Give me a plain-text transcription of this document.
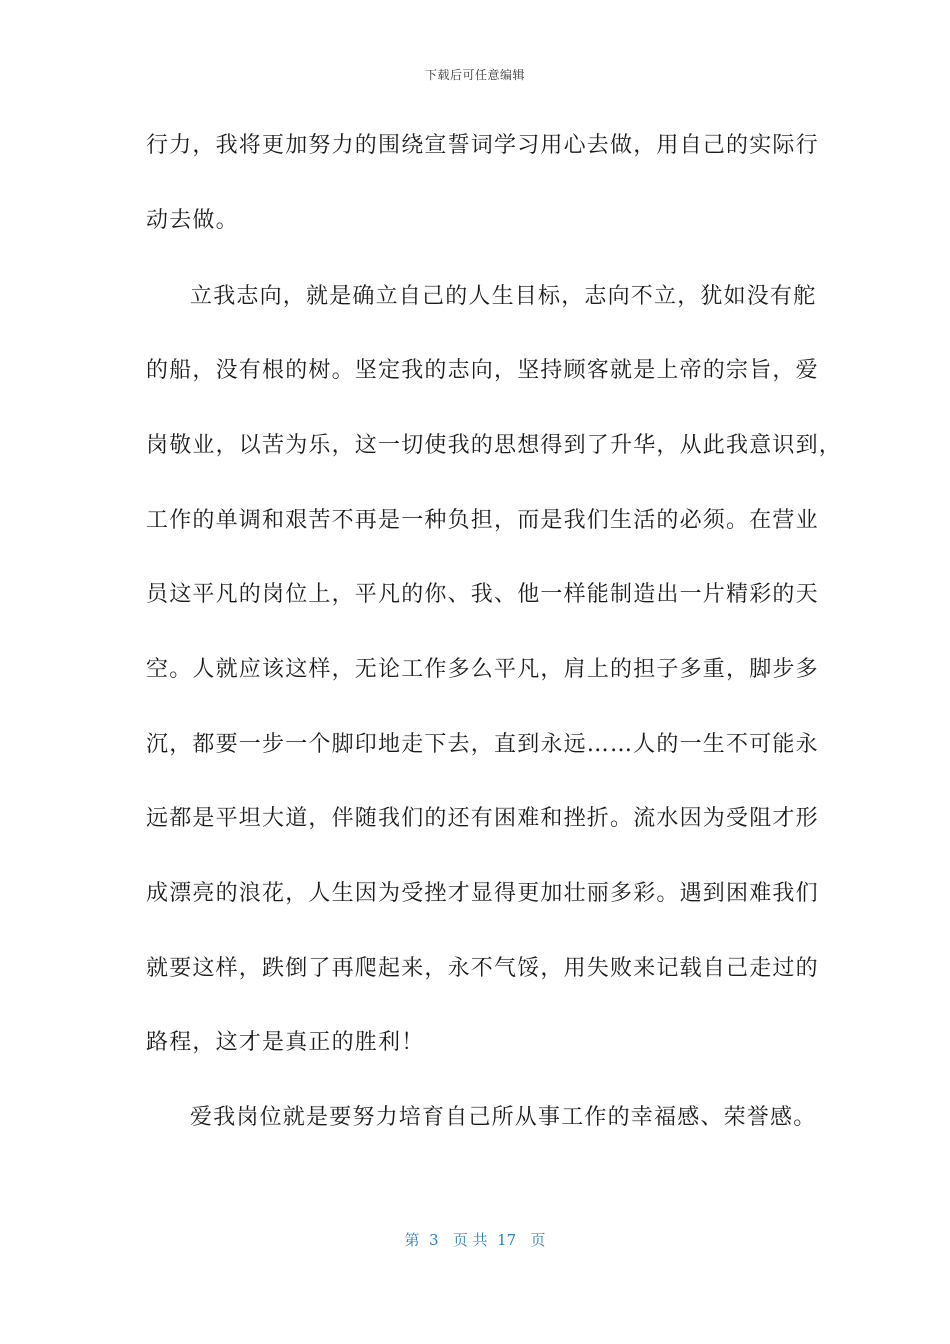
下载后可任意编辑
行力，我将更加努力的围绕宣誓词学习用心去做，用自己的实际行
动去做。
立我志向，就是确立自己的人生目标，志向不立，犹如没有舵
的船，没有根的树。坚定我的志向，坚持顾客就是上帝的宗旨，爱
岗敬业，以苦为乐，这一切使我的思想得到了升华，从此我意识到，
工作的单调和艰苦不再是一种负担，而是我们生活的必须。在营业
员这平凡的岗位上，平凡的你、我、他一样能制造出一片精彩的天
空。人就应该这样，无论工作多么平凡，肩上的担子多重，脚步多
沉，都要一步一个脚印地走下去，直到永远……人的一生不可能永
远都是平坦大道，伴随我们的还有困难和挫折。流水因为受阻才形
成漂亮的浪花，人生因为受挫才显得更加壮丽多彩。遇到困难我们
就要这样，跌倒了再爬起来，永不气馁，用失败来记载自己走过的
路程，这才是真正的胜利！
爱我岗位就是要努力培育自己所从事工作的幸福感、荣誉感。
第  3   页 共  17   页
